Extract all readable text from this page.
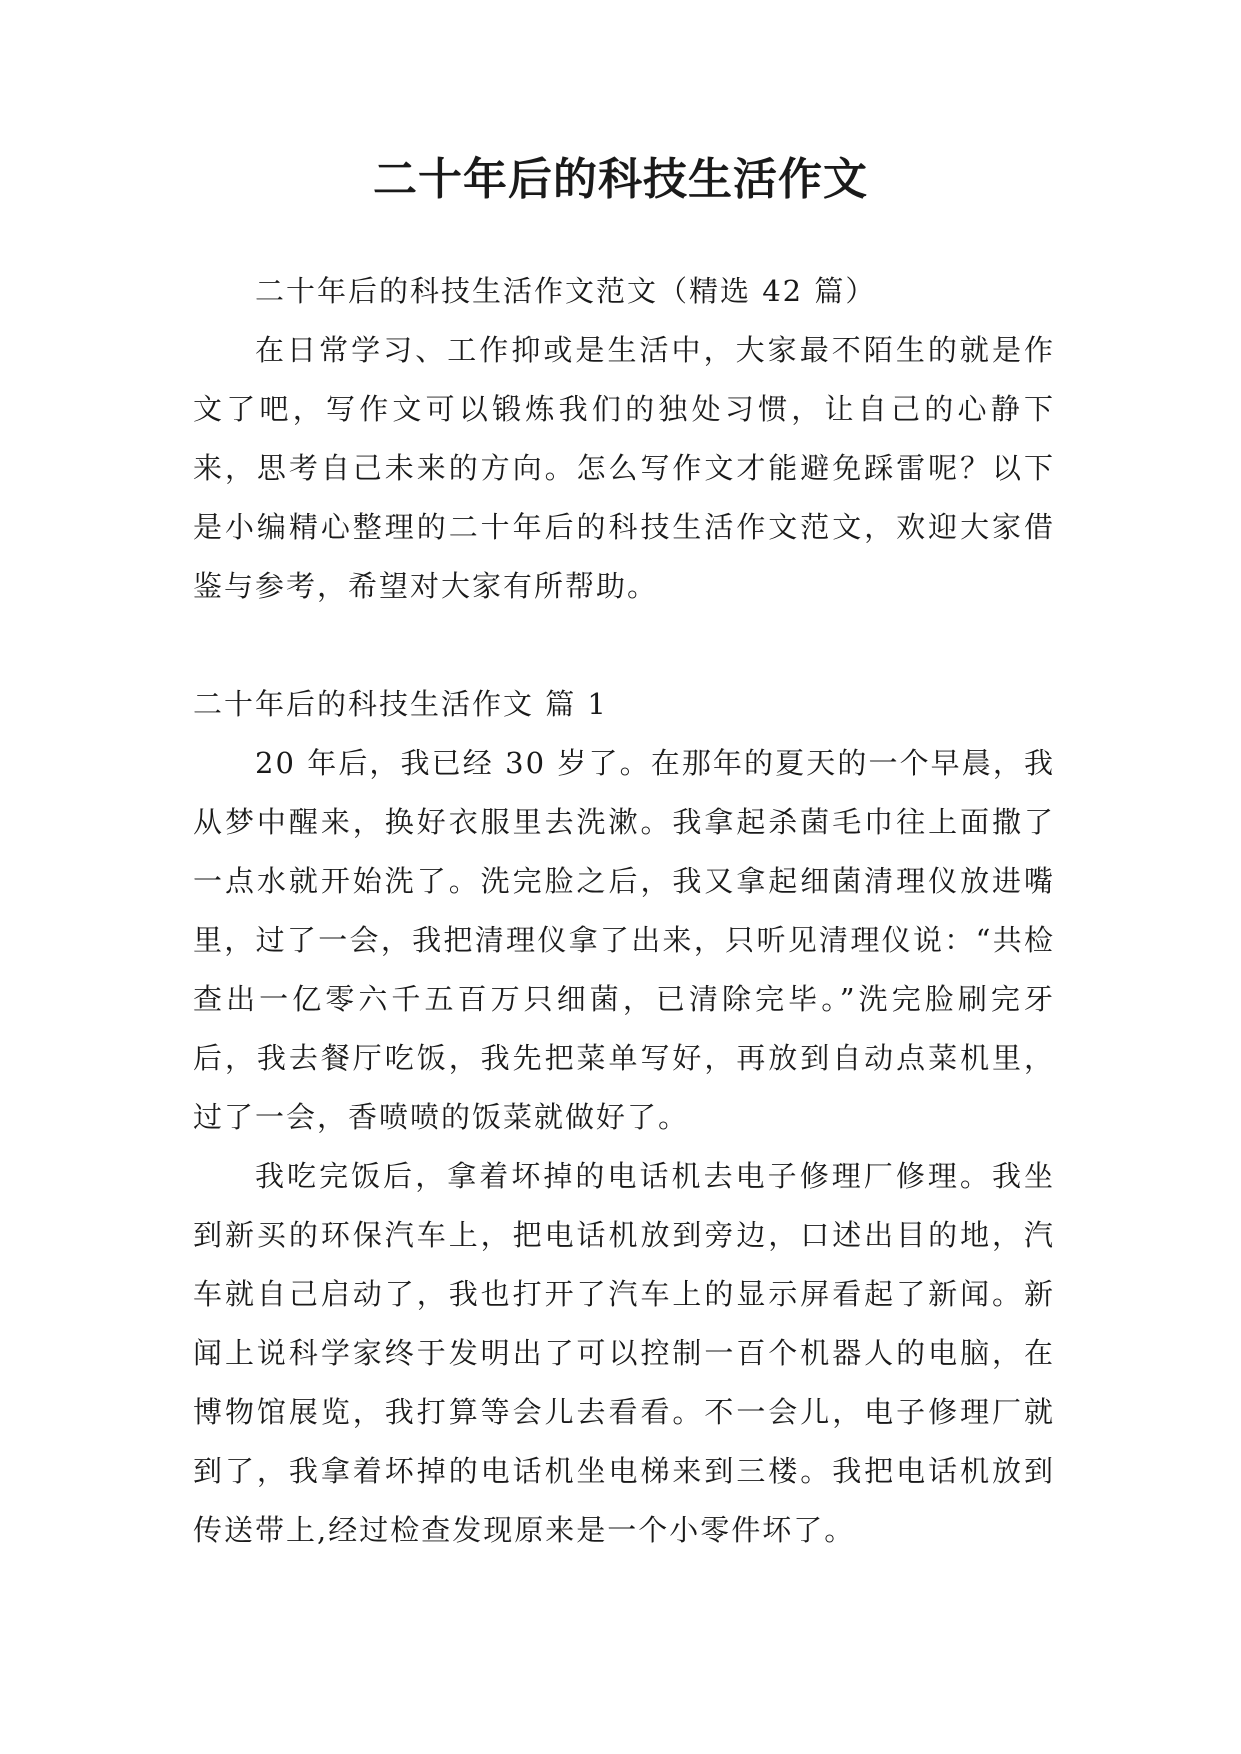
二十年后的科技生活作文

二十年后的科技生活作文范文（精选 42 篇）

在日常学习、工作抑或是生活中，大家最不陌生的就是作文了吧，写作文可以锻炼我们的独处习惯，让自己的心静下来，思考自己未来的方向。怎么写作文才能避免踩雷呢？以下是小编精心整理的二十年后的科技生活作文范文，欢迎大家借鉴与参考，希望对大家有所帮助。

二十年后的科技生活作文 篇 1

20 年后，我已经 30 岁了。在那年的夏天的一个早晨，我从梦中醒来，换好衣服里去洗漱。我拿起杀菌毛巾往上面撒了一点水就开始洗了。洗完脸之后，我又拿起细菌清理仪放进嘴里，过了一会，我把清理仪拿了出来，只听见清理仪说：“共检查出一亿零六千五百万只细菌，已清除完毕。”洗完脸刷完牙后，我去餐厅吃饭，我先把菜单写好，再放到自动点菜机里，过了一会，香喷喷的饭菜就做好了。

我吃完饭后，拿着坏掉的电话机去电子修理厂修理。我坐到新买的环保汽车上，把电话机放到旁边，口述出目的地，汽车就自己启动了，我也打开了汽车上的显示屏看起了新闻。新闻上说科学家终于发明出了可以控制一百个机器人的电脑，在博物馆展览，我打算等会儿去看看。不一会儿，电子修理厂就到了，我拿着坏掉的电话机坐电梯来到三楼。我把电话机放到传送带上,经过检查发现原来是一个小零件坏了。
